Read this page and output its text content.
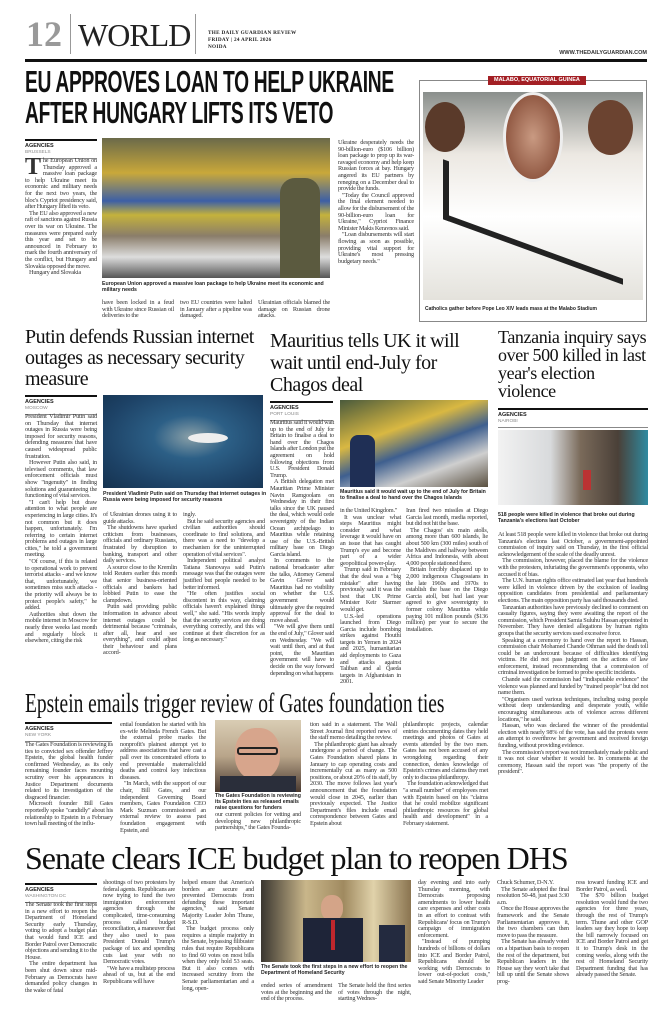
12 WORLD	THE DAILY GUARDIAN REVIEW
FRIDAY | 24 APRIL 2026
NOIDA
WWW.THEDAILYGUARDIAN.COM
EU APPROVES LOAN TO HELP UKRAINE
AFTER HUNGARY LIFTS ITS VETO
AGENCIES
BRUSSELS

The European Union on Thursday approved a massive loan package to help Ukraine meet its economic and military needs for the next two years, the bloc's Cypriot presidency said, after Hungary lifted its veto.

The EU also approved a new raft of sanctions against Russia over its war on Ukraine. The measures were prepared early this year and set to be announced in February to mark the fourth anniversary of the conflict, but Hungary and Slovakia opposed the move.

Hungary and Slovakia

European Union approved a massive loan package to help Ukraine meet its economic and military needs

have been locked in a feud with Ukraine since Russian oil deliveries to the

two EU countries were halted in January after a pipeline was damaged.

Ukrainian officials blamed the damage on Russian drone attacks.

Ukraine desperately needs the 90-billion-euro ($106 billion) loan package to prop up its war-ravaged economy and help keep Russian forces at bay. Hungary angered its EU partners by reneging on a December deal to provide the funds.

"Today the Council approved the final element needed to allow for the disbursement of the 90-billion-euro loan for Ukraine," Cypriot Finance Minister Makis Keravnos said.

"Loan disbursements will start flowing as soon as possible, providing vital support for Ukraine's most pressing budgetary needs."

MALABO, EQUATORIAL GUINEA
Catholics gather before Pope Leo XIV leads mass at the Malabo Stadium
Putin defends Russian internet outages as necessary security measure
AGENCIES
MOSCOW

President Vladimir Putin said on Thursday that internet outages in Russia were being imposed for security reasons, defending measures that have caused widespread public frustration.

However Putin also said, in televised comments, that law enforcement officials must show "ingenuity" in finding solutions and guaranteeing the functioning of vital services.

"I can't help but draw attention to what people are experiencing in large cities. It's not common but it does happen, unfortunately. I'm referring to certain internet problems and outages in large cities," he told a government meeting.

"Of course, if this is related to operational work to prevent terrorist attacks - and we know that, unfortunately, we sometimes miss such attacks - the priority will always be to protect people's safety," he added.

Authorities shut down the mobile internet in Moscow for nearly three weeks last month and regularly block it elsewhere, citing the risk

President Vladimir Putin said on Thursday that internet outages in Russia were being imposed for security reasons

of Ukrainian drones using it to guide attacks.

The shutdowns have sparked criticism from businesses, officials and ordinary Russians, frustrated by disruption to banking, transport and other daily services.

A source close to the Kremlin told Reuters earlier this month that senior business-oriented officials and bankers had lobbied Putin to ease the clampdown.

Putin said providing public information in advance about internet outages could be detrimental because "criminals, after all, hear and see everything", and could adjust their behaviour and plans accord-

ingly.

But he said security agencies and civilian authorities should coordinate to find solutions, and there was a need to "develop a mechanism for the uninterrupted operation of vital services".

Independent political analyst Tatiana Stanovaya said Putin's message was that the outages were justified but people needed to be better informed.

"He often justifies social discontent in this way, claiming officials haven't explained things well," she said. "His words imply that the security services are doing everything correctly, and this will continue at their discretion for as long as necessary."

Mauritius tells UK it will wait until end-July for Chagos deal
AGENCIES
PORT LOUIS

Mauritius said it would wait up to the end of July for Britain to finalise a deal to hand over the Chagos Islands after London put the agreement on hold following objections from U.S. President Donald Trump.

A British delegation met Mauritian Prime Minister Navin Ramgoolam on Wednesday in their first talks since the UK paused the deal, which would cede sovereignty of the Indian Ocean archipelago to Mauritius while retaining use of the U.S.-British military base on Diego Garcia island.

In comments to the national broadcaster after the talks, Attorney General Gavin Glover said Mauritius had no visibility on whether the U.S. government would ultimately give the required approval for the deal to move ahead.

"We will give them until the end of July," Glover said on Wednesday. "We will wait until then, and at that point, the Mauritian government will have to decide on the way forward depending on what happens

Mauritius said it would wait up to the end of July for Britain to finalise a deal to hand over the Chagos Islands

in the United Kingdom."

It was unclear what steps Mauritius might consider and what leverage it would have on an issue that has caught Trump's eye and become part of a wider geopolitical power-play.

Trump said in February that the deal was a "big mistake" after having previously said it was the best that UK Prime Minister Keir Starmer would get.

U.S.-led operations launched from Diego Garcia include bombing strikes against Houthi targets in Yemen in 2024 and 2025, humanitarian aid deployments to Gaza and attacks against Taliban and al Qaeda targets in Afghanistan in 2001.

Iran fired two missiles at Diego Garcia last month, media reported, but did not hit the base.

The Chagos' six main atolls, among more than 600 islands, lie about 500 km (300 miles) south of the Maldives and halfway between Africa and Indonesia, with about 4,000 people stationed there.

Britain forcibly displaced up to 2,000 indigenous Chagossians in the late 1960s and 1970s to establish the base on the Diego Garcia atoll, but had last year agreed to give sovereignty to former colony Mauritius while paying 101 million pounds ($136 million) per year to secure the installation.

Tanzania inquiry says over 500 killed in last year's election violence
AGENCIES
NAIROBI
518 people were killed in violence that broke out during Tanzania's elections last October

At least 518 people were killed in violence that broke out during Tanzania's elections last October, a government-appointed commission of inquiry said on Thursday, in the first official acknowledgement of the scale of the deadly unrest.

The commission, however, placed the blame for the violence with the protesters, infuriating the government's opponents, who accused it of bias.

The U.N. human rights office estimated last year that hundreds were killed in violence driven by the exclusion of leading opposition candidates from presidential and parliamentary elections. The main opposition party has said thousands died.

Tanzanian authorities have previously declined to comment on casualty figures, saying they were awaiting the report of the commission, which President Samia Suluhu Hassan appointed in November. They have denied allegations by human rights groups that the security services used excessive force.

Speaking at a ceremony to hand over the report to Hassan, commission chair Mohamed Chande Othman said the death toll could be an undercount because of difficulties identifying victims. He did not pass judgment on the actions of law enforcement, instead recommending that a commission of criminal investigation be formed to probe specific incidents.

Chande said the commission had "indisputable evidence" the violence was planned and funded by "trained people" but did not name them.

"Organisers used various techniques, including using people without deep understanding and desperate youth, while encouraging simultaneous acts of violence across different locations," he said.

Hassan, who was declared the winner of the presidential election with nearly 98% of the vote, has said the protests were an attempt to overthrow her government and received foreign funding, without providing evidence.

The commission's report was not immediately made public and it was not clear whether it would be. In comments at the ceremony, Hassan said the report was "the property of the president".

Epstein emails trigger review of Gates foundation ties
AGENCIES
NEW YORK

The Gates Foundation is reviewing its ties to convicted sex offender Jeffrey Epstein, the global health funder confirmed Wednesday, as its only remaining founder faces mounting scrutiny over his appearances in Justice Department documents related to its investigation of the disgraced financier.

Microsoft founder Bill Gates reportedly spoke "candidly" about his relationship to Epstein in a February town hall meeting of the influ-

ential foundation he started with his ex-wife Melinda French Gates. But the external probe marks the nonprofit's plainest attempt yet to address associations that have cast a pall over its concentrated efforts to end preventable maternal/child deaths and control key infectious diseases.

"In March, with the support of our chair, Bill Gates, and our independent Governing Board members, Gates Foundation CEO Mark Suzman commissioned an external review to assess past foundation engagement with Epstein, and

The Gates Foundation is reviewing its Epstein ties as released emails raise questions for funders

our current policies for vetting and developing new philanthropic partnerships," the Gates Founda-

tion said in a statement. The Wall Street Journal first reported news of the staff memo detailing the review.

The philanthropic giant has already undergone a period of change. The Gates Foundation shared plans in January to cap operating costs and incrementally cut as many as 500 positions, or about 20% of its staff, by 2030. The move follows last year's announcement that the foundation would close in 2045, earlier than previously expected. The Justice Department's files include email correspondence between Gates and Epstein about

philanthropic projects, calendar entries documenting dates they held meetings and photos of Gates at events attended by the two men. Gates has not been accused of any wrongdoing regarding their connection, denies knowledge of Epstein's crimes and claims they met only to discuss philanthropy.

The foundation acknowledged that "a small number" of employees met with Epstein based on his "claims that he could mobilize significant philanthropic resources for global health and development" in a February statement.

Senate clears ICE budget plan to reopen DHS
AGENCIES
WASHINGTON DC

The Senate took the first steps in a new effort to reopen the Department of Homeland Security early Thursday, voting to adopt a budget plan that would fund ICE and Border Patrol over Democratic objections and sending it to the House.

The entire department has been shut down since mid-February as Democrats have demanded policy changes in the wake of fatal

shootings of two protesters by federal agents. Republicans are now trying to fund the two immigration enforcement agencies through the complicated, time-consuming process called budget reconciliation, a maneuver that they also used to pass President Donald Trump's package of tax and spending cuts last year with no Democratic votes.

"We have a multistep process ahead of us, but at the end Republicans will have

helped ensure that America's borders are secure and prevented Democrats from defunding these important agencies," said Senate Majority Leader John Thune, R-S.D.

The budget process only requires a simple majority in the Senate, bypassing filibuster rules that require Republicans to find 60 votes on most bills when they only hold 53 seats. But it also comes with increased scrutiny from the Senate parliamentarian and a long, open-

The Senate took the first steps in a new effort to reopen the Department of Homeland Security

ended series of amendment votes at the beginning and the end of the process.

The Senate held the first series of votes through the night, starting Wednes-

day evening and into early Thursday morning, with Democrats proposing amendments to lower health care expenses and other costs in an effort to contrast with Republicans' focus on Trump's campaign of immigration enforcement.

"Instead of pumping hundreds of billions of dollars into ICE and Border Patrol, Republicans should be working with Democrats to lower out-of-pocket costs," said Senate Minority Leader

Chuck Schumer, D-N.Y.

The Senate adopted the final resolution 50-48, just past 3:30 a.m.

Once the House approves the framework and the Senate Parliamentarian approves it, the two chambers can then move to pass the measure.

The Senate has already voted on a bipartisan basis to reopen the rest of the department, but Republican leaders in the House say they won't take that bill up until the Senate shows prog-

ress toward funding ICE and Border Patrol, as well.

The $70 billion budget resolution would fund the two agencies for three years, through the rest of Trump's term. Thune and other GOP leaders say they hope to keep the bill narrowly focused on ICE and Border Patrol and get it to Trump's desk in the coming weeks, along with the rest of Homeland Security Department funding that has already passed the Senate.
